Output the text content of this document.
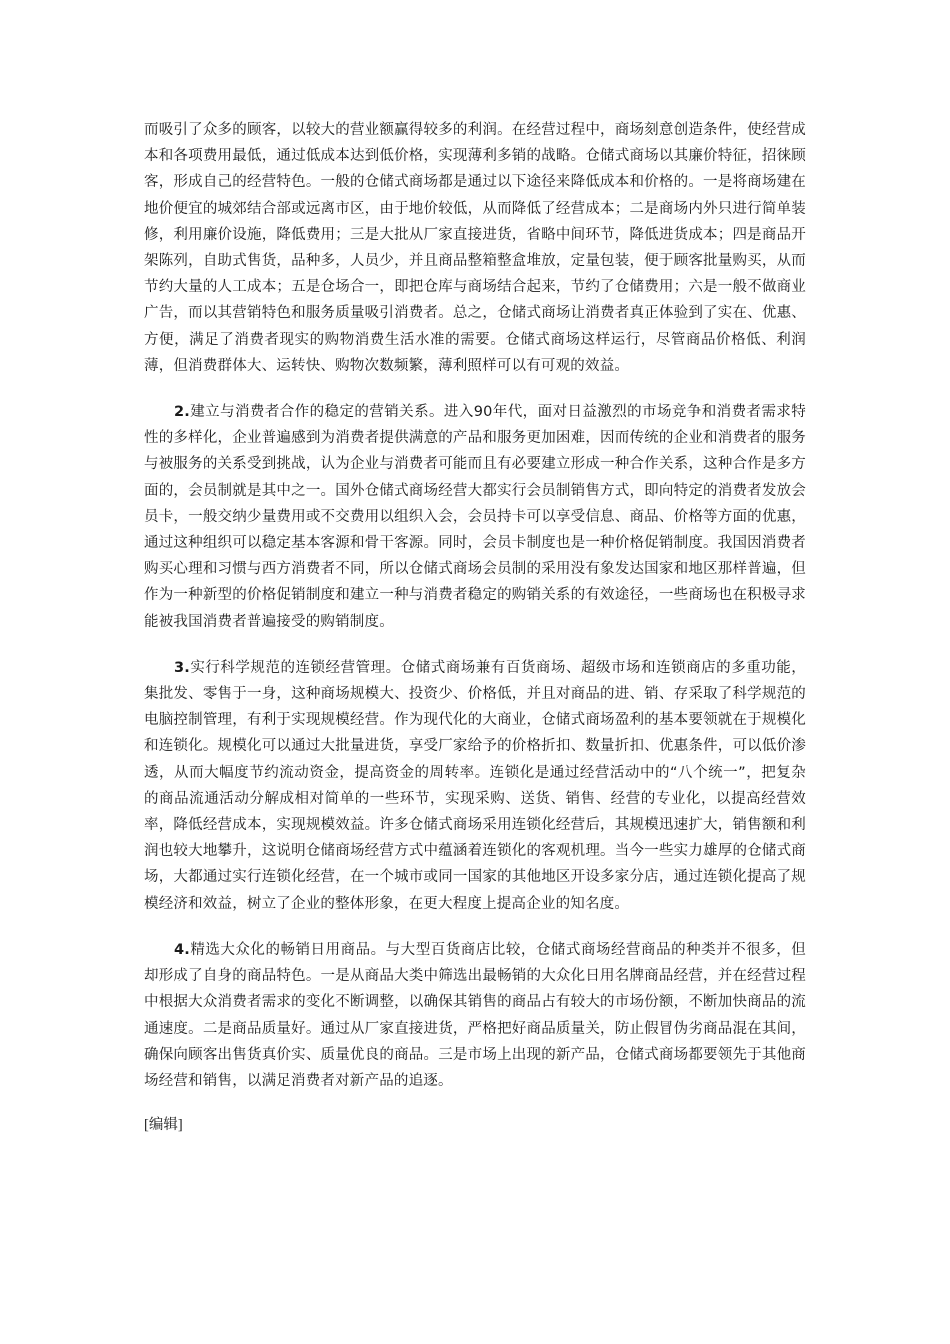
而吸引了众多的顾客，以较大的营业额赢得较多的利润。在经营过程中，商场刻意创造条件，使经营成本和各项费用最低，通过低成本达到低价格，实现薄利多销的战略。仓储式商场以其廉价特征，招徕顾客，形成自己的经营特色。一般的仓储式商场都是通过以下途径来降低成本和价格的。一是将商场建在地价便宜的城郊结合部或远离市区，由于地价较低，从而降低了经营成本；二是商场内外只进行简单装修，利用廉价设施，降低费用；三是大批从厂家直接进货，省略中间环节，降低进货成本；四是商品开架陈列，自助式售货，品种多，人员少，并且商品整箱整盒堆放，定量包装，便于顾客批量购买，从而节约大量的人工成本；五是仓场合一，即把仓库与商场结合起来，节约了仓储费用；六是一般不做商业广告，而以其营销特色和服务质量吸引消费者。总之，仓储式商场让消费者真正体验到了实在、优惠、方便，满足了消费者现实的购物消费生活水准的需要。仓储式商场这样运行，尽管商品价格低、利润薄，但消费群体大、运转快、购物次数频繁，薄利照样可以有可观的效益。

2.建立与消费者合作的稳定的营销关系。进入90年代，面对日益激烈的市场竞争和消费者需求特性的多样化，企业普遍感到为消费者提供满意的产品和服务更加困难，因而传统的企业和消费者的服务与被服务的关系受到挑战，认为企业与消费者可能而且有必要建立形成一种合作关系，这种合作是多方面的，会员制就是其中之一。国外仓储式商场经营大都实行会员制销售方式，即向特定的消费者发放会员卡，一般交纳少量费用或不交费用以组织入会，会员持卡可以享受信息、商品、价格等方面的优惠，通过这种组织可以稳定基本客源和骨干客源。同时，会员卡制度也是一种价格促销制度。我国因消费者购买心理和习惯与西方消费者不同，所以仓储式商场会员制的采用没有象发达国家和地区那样普遍，但作为一种新型的价格促销制度和建立一种与消费者稳定的购销关系的有效途径，一些商场也在积极寻求能被我国消费者普遍接受的购销制度。

3.实行科学规范的连锁经营管理。仓储式商场兼有百货商场、超级市场和连锁商店的多重功能，集批发、零售于一身，这种商场规模大、投资少、价格低，并且对商品的进、销、存采取了科学规范的电脑控制管理，有利于实现规模经营。作为现代化的大商业，仓储式商场盈利的基本要领就在于规模化和连锁化。规模化可以通过大批量进货，享受厂家给予的价格折扣、数量折扣、优惠条件，可以低价渗透，从而大幅度节约流动资金，提高资金的周转率。连锁化是通过经营活动中的“八个统一”，把复杂的商品流通活动分解成相对简单的一些环节，实现采购、送货、销售、经营的专业化，以提高经营效率，降低经营成本，实现规模效益。许多仓储式商场采用连锁化经营后，其规模迅速扩大，销售额和利润也较大地攀升，这说明仓储商场经营方式中蕴涵着连锁化的客观机理。当今一些实力雄厚的仓储式商场，大都通过实行连锁化经营，在一个城市或同一国家的其他地区开设多家分店，通过连锁化提高了规模经济和效益，树立了企业的整体形象，在更大程度上提高企业的知名度。

4.精选大众化的畅销日用商品。与大型百货商店比较，仓储式商场经营商品的种类并不很多，但却形成了自身的商品特色。一是从商品大类中筛选出最畅销的大众化日用名牌商品经营，并在经营过程中根据大众消费者需求的变化不断调整，以确保其销售的商品占有较大的市场份额，不断加快商品的流通速度。二是商品质量好。通过从厂家直接进货，严格把好商品质量关，防止假冒伪劣商品混在其间，确保向顾客出售货真价实、质量优良的商品。三是市场上出现的新产品，仓储式商场都要领先于其他商场经营和销售，以满足消费者对新产品的追逐。

[编辑]
